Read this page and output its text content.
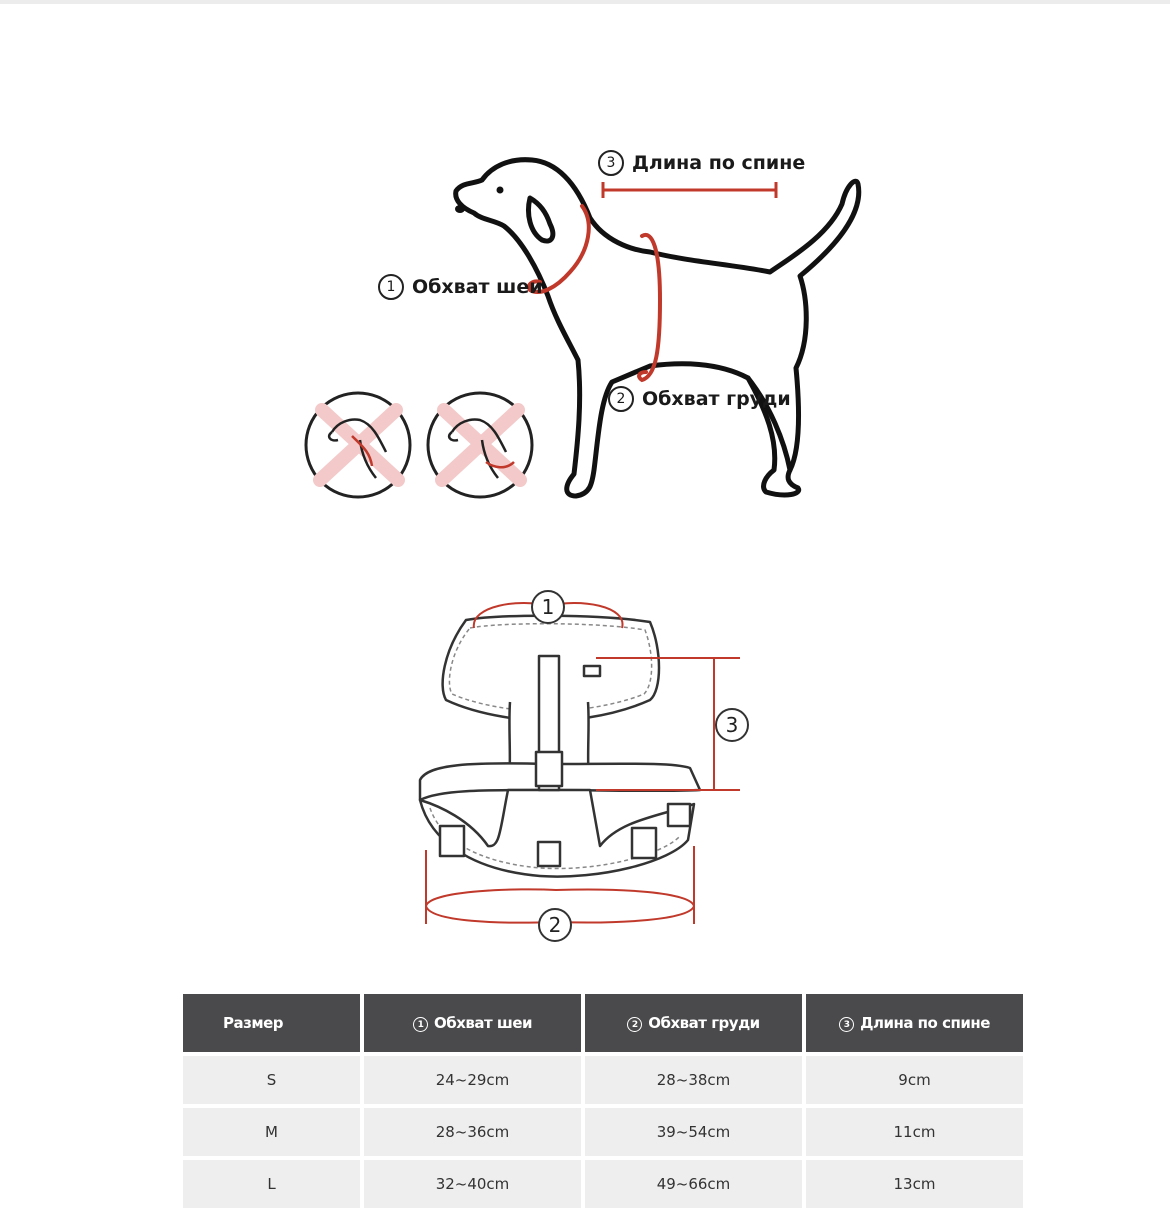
3 Длина по спине
1 Обхват шеи
2 Обхват груди
1
2
3
Размер	1 Обхват шеи	2 Обхват груди	3 Длина по спине
S	24~29cm	28~38cm	9cm
M	28~36cm	39~54cm	11cm
L	32~40cm	49~66cm	13cm
